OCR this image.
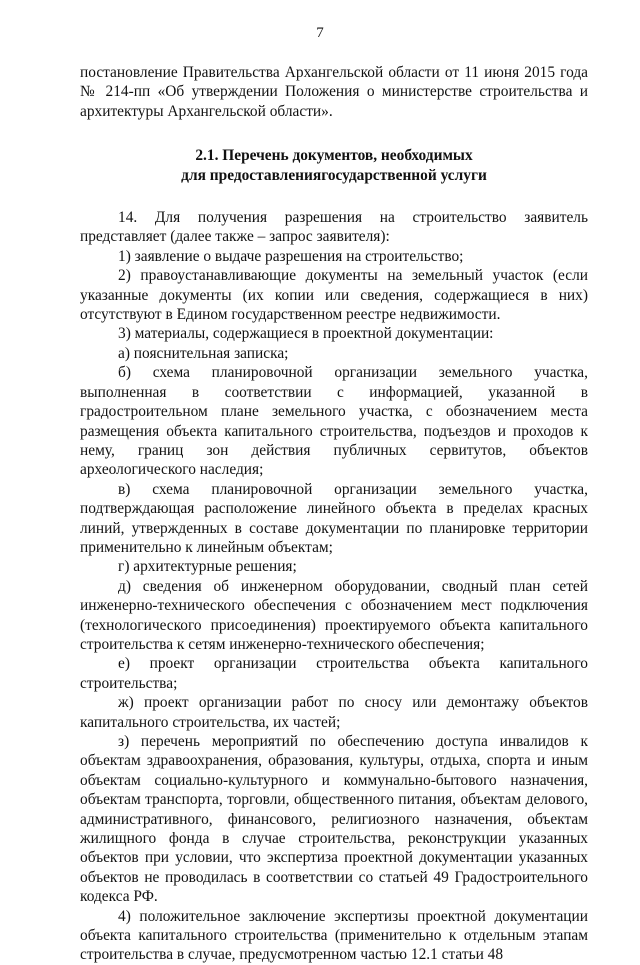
7

постановление Правительства Архангельской области от 11 июня 2015 года № 214-пп «Об утверждении Положения о министерстве строительства и архитектуры Архангельской области».

2.1. Перечень документов, необходимых
для предоставлениягосударственной услуги

14. Для получения разрешения на строительство заявитель представляет (далее также – запрос заявителя):

1) заявление о выдаче разрешения на строительство;

2) правоустанавливающие документы на земельный участок (если указанные документы (их копии или сведения, содержащиеся в них) отсутствуют в Едином государственном реестре недвижимости.

3) материалы, содержащиеся в проектной документации:

а) пояснительная записка;

б) схема планировочной организации земельного участка, выполненная в соответствии с информацией, указанной в градостроительном плане земельного участка, с обозначением места размещения объекта капитального строительства, подъездов и проходов к нему, границ зон действия публичных сервитутов, объектов археологического наследия;

в) схема планировочной организации земельного участка, подтверждающая расположение линейного объекта в пределах красных линий, утвержденных в составе документации по планировке территории применительно к линейным объектам;

г) архитектурные решения;

д) сведения об инженерном оборудовании, сводный план сетей инженерно-технического обеспечения с обозначением мест подключения (технологического присоединения) проектируемого объекта капитального строительства к сетям инженерно-технического обеспечения;

е) проект организации строительства объекта капитального строительства;

ж) проект организации работ по сносу или демонтажу объектов капитального строительства, их частей;

з) перечень мероприятий по обеспечению доступа инвалидов к объектам здравоохранения, образования, культуры, отдыха, спорта и иным объектам социально-культурного и коммунально-бытового назначения, объектам транспорта, торговли, общественного питания, объектам делового, административного, финансового, религиозного назначения, объектам жилищного фонда в случае строительства, реконструкции указанных объектов при условии, что экспертиза проектной документации указанных объектов не проводилась в соответствии со статьей 49 Градостроительного кодекса РФ.

4) положительное заключение экспертизы проектной документации объекта капитального строительства (применительно к отдельным этапам строительства в случае, предусмотренном частью 12.1 статьи 48
